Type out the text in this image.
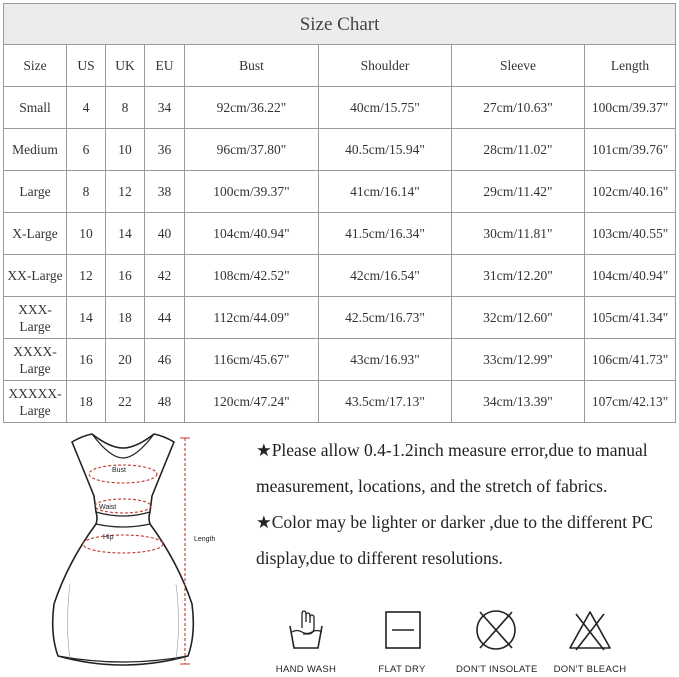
Size Chart							
Size	US	UK	EU	Bust	Shoulder	Sleeve	Length
Small	4	8	34	92cm/36.22"	40cm/15.75"	27cm/10.63"	100cm/39.37"
Medium	6	10	36	96cm/37.80"	40.5cm/15.94"	28cm/11.02"	101cm/39.76"
Large	8	12	38	100cm/39.37"	41cm/16.14"	29cm/11.42"	102cm/40.16"
X-Large	10	14	40	104cm/40.94"	41.5cm/16.34"	30cm/11.81"	103cm/40.55"
XX-Large	12	16	42	108cm/42.52"	42cm/16.54"	31cm/12.20"	104cm/40.94"
XXX-Large	14	18	44	112cm/44.09"	42.5cm/16.73"	32cm/12.60"	105cm/41.34"
XXXX-Large	16	20	46	116cm/45.67"	43cm/16.93"	33cm/12.99"	106cm/41.73"
XXXXX-Large	18	22	48	120cm/47.24"	43.5cm/17.13"	34cm/13.39"	107cm/42.13"
Bust
Waist
Hip	Length

★Please allow 0.4-1.2inch measure error,due to manual measurement, locations, and the stretch of fabrics.

★Color may be lighter or darker ,due to the different PC display,due to different resolutions.

HAND WASH	FLAT DRY	DON'T INSOLATE	DON'T BLEACH
